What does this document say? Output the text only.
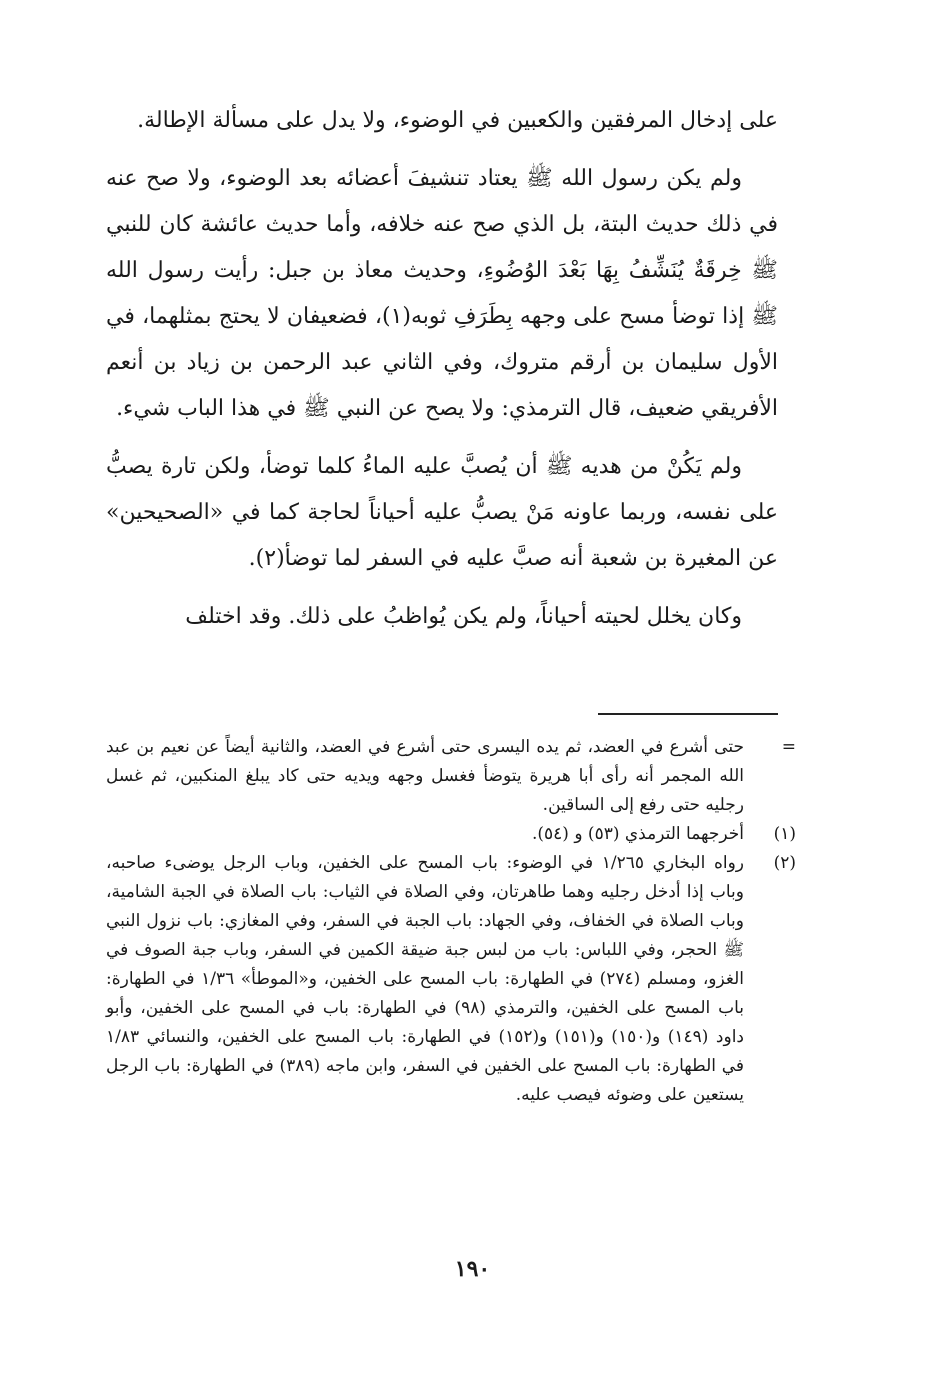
على إدخال المرفقين والكعبين في الوضوء، ولا يدل على مسألة الإطالة.

ولم يكن رسول الله ﷺ يعتاد تنشيفَ أعضائه بعد الوضوء، ولا صح عنه في ذلك حديث البتة، بل الذي صح عنه خلافه، وأما حديث عائشة كان للنبي ﷺ خِرقَةٌ يُنَشِّفُ بِهَا بَعْدَ الوُضُوءِ، وحديث معاذ بن جبل: رأيت رسول الله ﷺ إذا توضأ مسح على وجهه بِطَرَفِ ثوبه(١)، فضعيفان لا يحتج بمثلهما، في الأول سليمان بن أرقم متروك، وفي الثاني عبد الرحمن بن زياد بن أنعم الأفريقي ضعيف، قال الترمذي: ولا يصح عن النبي ﷺ في هذا الباب شيء.

ولم يَكُنْ من هديه ﷺ أن يُصبَّ عليه الماءُ كلما توضأ، ولكن تارة يصبُّ على نفسه، وربما عاونه مَنْ يصبُّ عليه أحياناً لحاجة كما في «الصحيحين» عن المغيرة بن شعبة أنه صبَّ عليه في السفر لما توضأ(٢).

وكان يخلل لحيته أحياناً، ولم يكن يُواظبُ على ذلك. وقد اختلف

=
حتى أشرع في العضد، ثم يده اليسرى حتى أشرع في العضد، والثانية أيضاً عن نعيم بن عبد الله المجمر أنه رأى أبا هريرة يتوضأ فغسل وجهه ويديه حتى كاد يبلغ المنكبين، ثم غسل رجليه حتى رفع إلى الساقين.
(١)
أخرجهما الترمذي (٥٣) و (٥٤).
(٢)
رواه البخاري ١/٢٦٥ في الوضوء: باب المسح على الخفين، وباب الرجل يوضىء صاحبه، وباب إذا أدخل رجليه وهما طاهرتان، وفي الصلاة في الثياب: باب الصلاة في الجبة الشامية، وباب الصلاة في الخفاف، وفي الجهاد: باب الجبة في السفر، وفي المغازي: باب نزول النبي ﷺ الحجر، وفي اللباس: باب من لبس جبة ضيقة الكمين في السفر، وباب جبة الصوف في الغزو، ومسلم (٢٧٤) في الطهارة: باب المسح على الخفين، و«الموطأ» ١/٣٦ في الطهارة: باب المسح على الخفين، والترمذي (٩٨) في الطهارة: باب في المسح على الخفين، وأبو داود (١٤٩) و(١٥٠) و(١٥١) و(١٥٢) في الطهارة: باب المسح على الخفين، والنسائي ١/٨٣ في الطهارة: باب المسح على الخفين في السفر، وابن ماجه (٣٨٩) في الطهارة: باب الرجل يستعين على وضوئه فيصب عليه.
١٩٠
